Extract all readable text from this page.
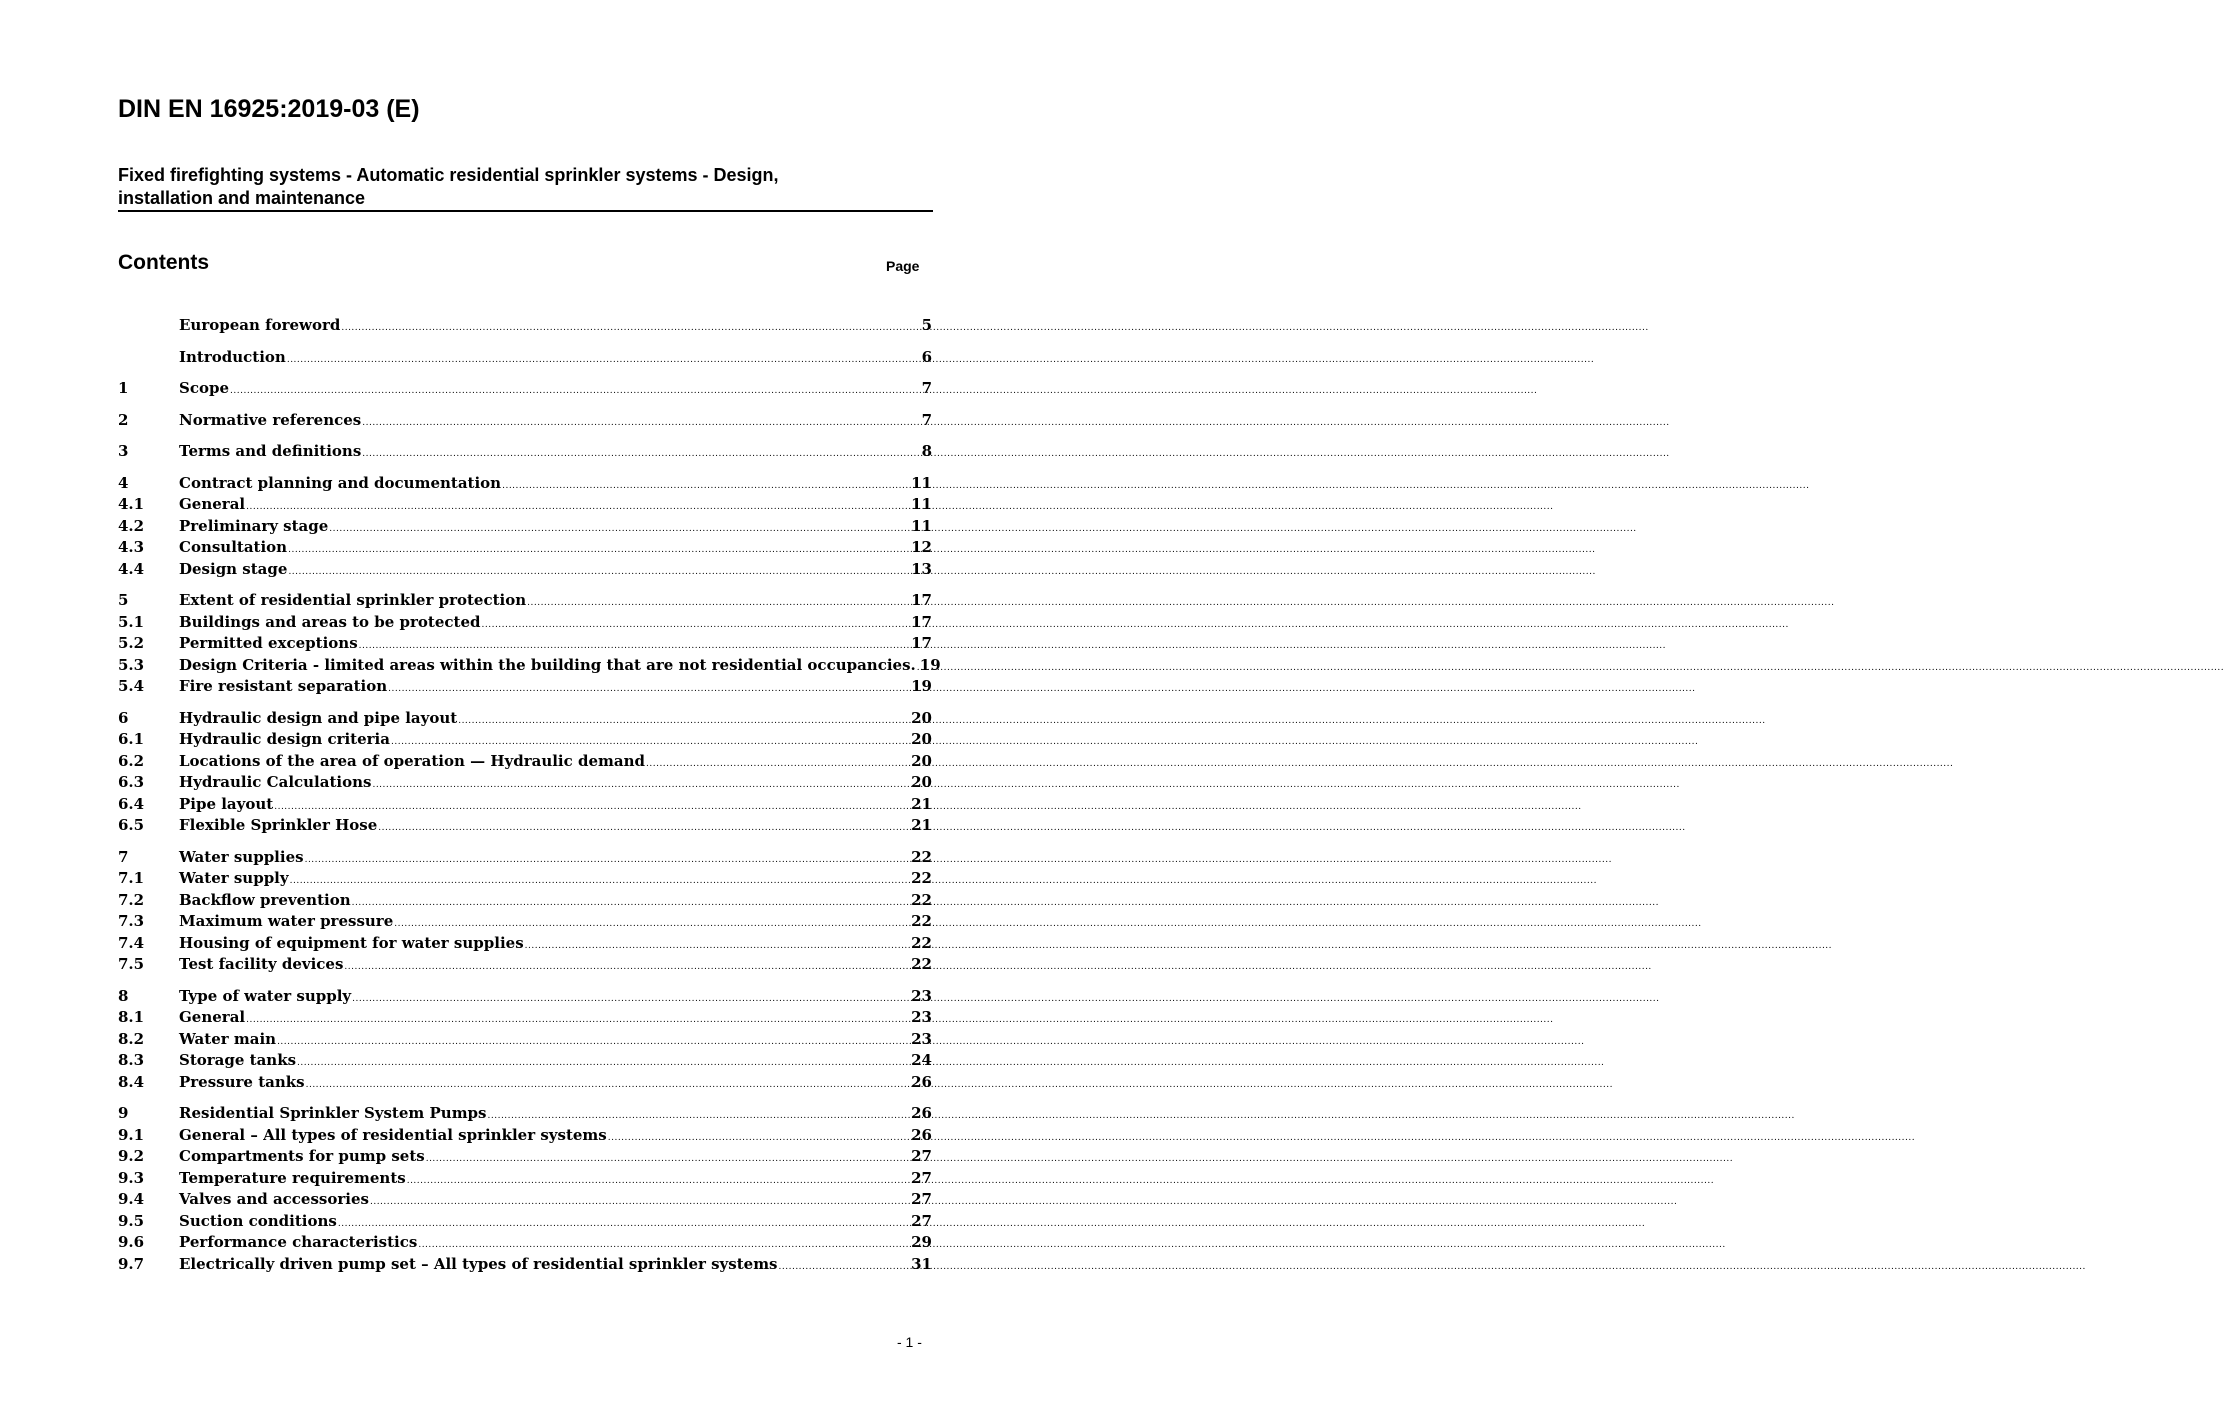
DIN EN 16925:2019-03 (E)
Fixed firefighting systems - Automatic residential sprinkler systems - Design, installation and maintenance
Contents	Page
European foreword .....	5
Introduction .....	6
1	Scope .....	7
2	Normative references .....	7
3	Terms and definitions .....	8
4	Contract planning and documentation .....	11
4.1	General .....	11
4.2	Preliminary stage .....	11
4.3	Consultation .....	12
4.4	Design stage .....	13
5	Extent of residential sprinkler protection .....	17
5.1	Buildings and areas to be protected .....	17
5.2	Permitted exceptions .....	17
5.3	Design Criteria - limited areas within the building that are not residential occupancies. ..... 19
5.4	Fire resistant separation .....	19
6	Hydraulic design and pipe layout .....	20
6.1	Hydraulic design criteria .....	20
6.2	Locations of the area of operation — Hydraulic demand .....	20
6.3	Hydraulic Calculations .....	20
6.4	Pipe layout .....	21
6.5	Flexible Sprinkler Hose .....	21
7	Water supplies .....	22
7.1	Water supply .....	22
7.2	Backflow prevention .....	22
7.3	Maximum water pressure .....	22
7.4	Housing of equipment for water supplies .....	22
7.5	Test facility devices .....	22
8	Type of water supply .....	23
8.1	General .....	23
8.2	Water main .....	23
8.3	Storage tanks .....	24
8.4	Pressure tanks .....	26
9	Residential Sprinkler System Pumps .....	26
9.1	General – All types of residential sprinkler systems .....	26
9.2	Compartments for pump sets .....	27
9.3	Temperature requirements .....	27
9.4	Valves and accessories .....	27
9.5	Suction conditions .....	27
9.6	Performance characteristics .....	29
9.7	Electrically driven pump set – All types of residential sprinkler systems .....	31
- 1 -
